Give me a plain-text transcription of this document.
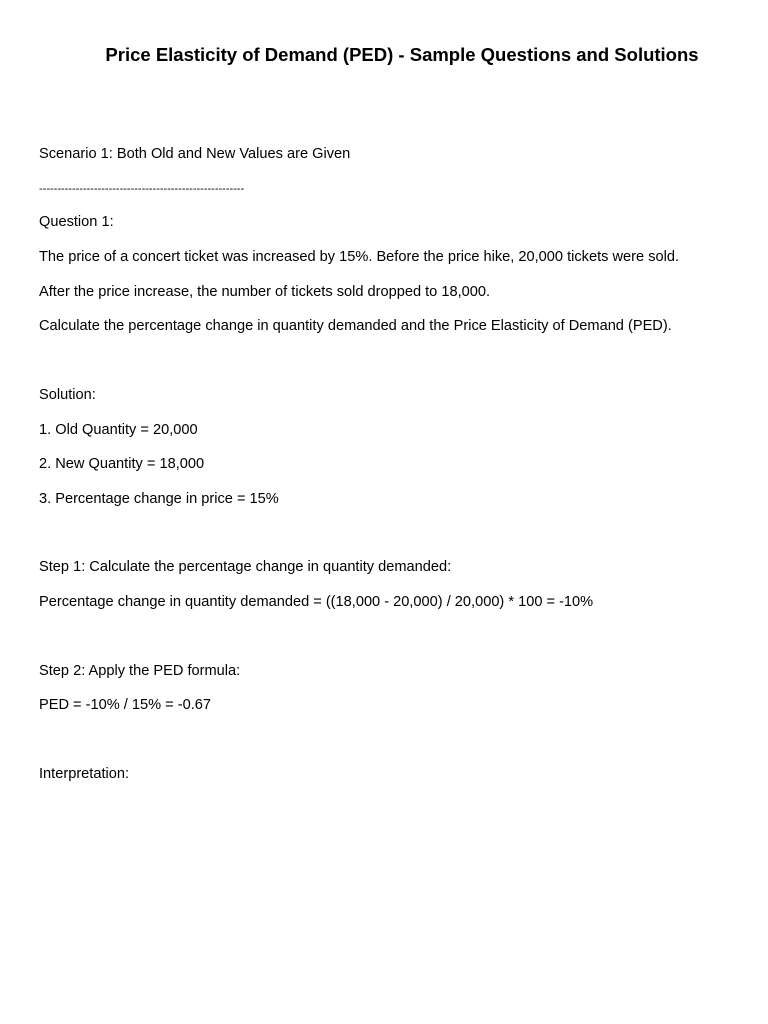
Price Elasticity of Demand (PED) - Sample Questions and Solutions
Scenario 1: Both Old and New Values are Given
--------------------------------------------------------
Question 1:
The price of a concert ticket was increased by 15%. Before the price hike, 20,000 tickets were sold.
After the price increase, the number of tickets sold dropped to 18,000.
Calculate the percentage change in quantity demanded and the Price Elasticity of Demand (PED).
Solution:
1. Old Quantity = 20,000
2. New Quantity = 18,000
3. Percentage change in price = 15%
Step 1: Calculate the percentage change in quantity demanded:
Percentage change in quantity demanded = ((18,000 - 20,000) / 20,000) * 100 = -10%
Step 2: Apply the PED formula:
PED = -10% / 15% = -0.67
Interpretation:
